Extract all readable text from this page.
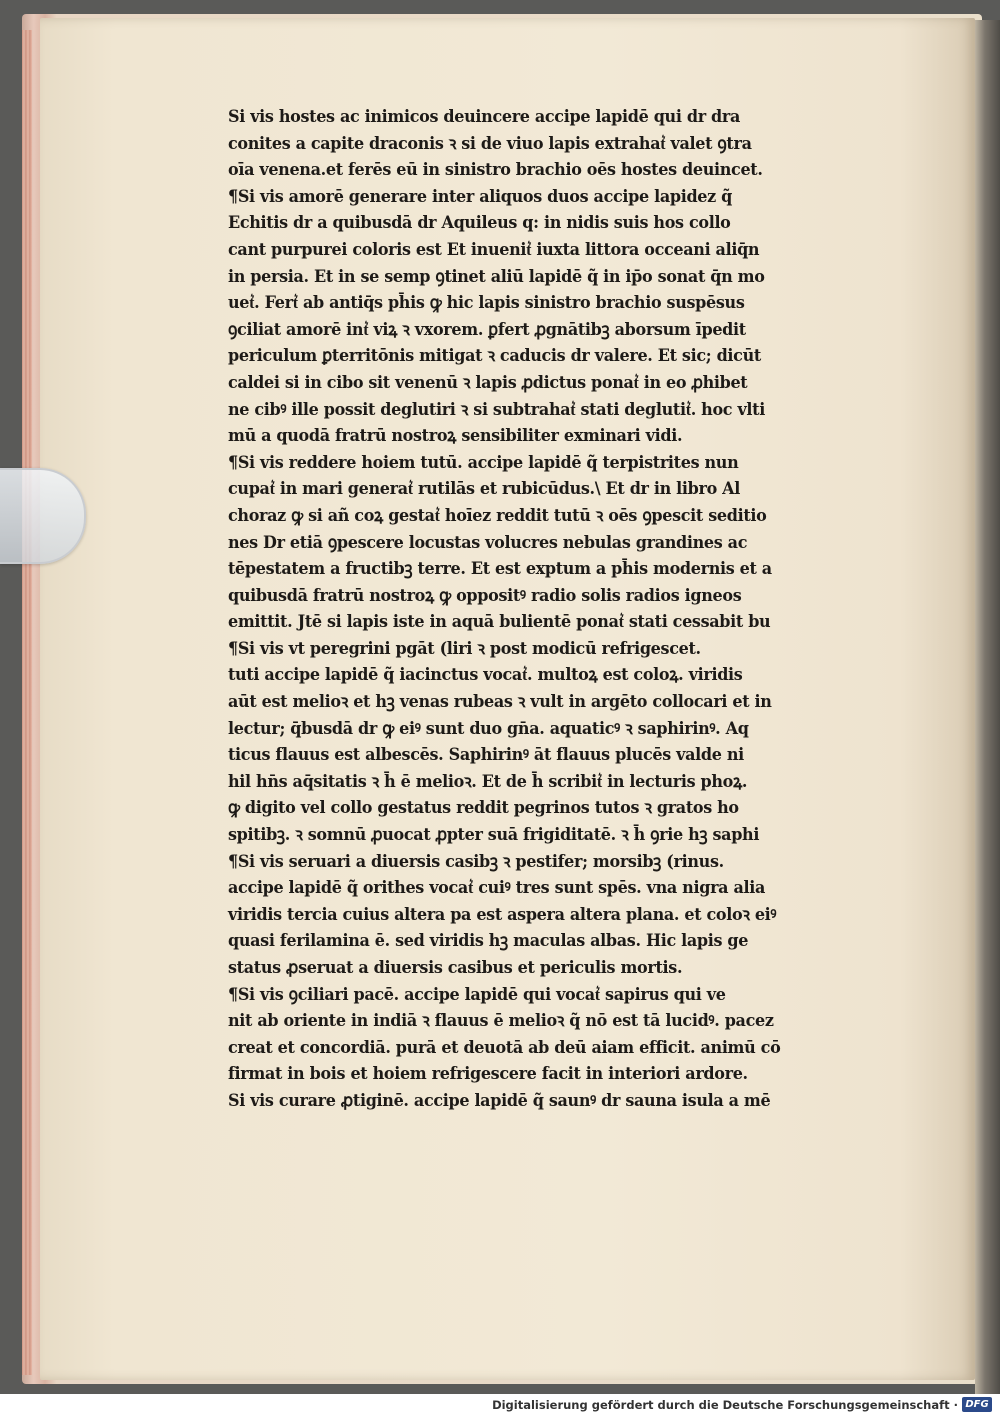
Si vis hostes ac inimicos deuincere accipe lapidē qui dr dra
conites a capite draconis ꝛ si de viuo lapis extrahat͛ valet ꝯtra
oīa venena.et ferēs eū in sinistro brachio oēs hostes deuincet.
¶Si vis amorē generare inter aliquos duos accipe lapidez q̃
Echitis dr a quibusdā dr Aquileus q: in nidis suis hos collo
cant purpurei coloris est Et inuenit͛ iuxta littora occeani aliq̄n
in persia. Et in se semp ꝯtinet aliū lapidē q̃ in ip̄o sonat q̄n mo
uet͛. Fert͛ ab antiq̄s ph̄is ꝙ hic lapis sinistro brachio suspēsus
ꝯciliat amorē int͛ viꝝ ꝛ vxorem. ꝑfert ꝓgnātibꝫ aborsum īpedit
periculum ꝑterritōnis mitigat ꝛ caducis dr valere. Et sic; dicūt
caldei si in cibo sit venenū ꝛ lapis ꝓdictus ponat͛ in eo ꝓhibet
ne cibꝰ ille possit deglutiri ꝛ si subtrahat͛ stati deglutit͛. hoc vlti
mū a quodā fratrū nostroꝝ sensibiliter exminari vidi.
¶Si vis reddere hoiem tutū. accipe lapidē q̃ terpistrites nun
cupat͛ in mari generat͛ rutilās et rubicūdus.\ Et dr in libro Al
choraz ꝙ si añ coꝝ gestat͛ hoīez reddit tutū ꝛ oēs ꝯpescit seditio
nes Dr etiā ꝯpescere locustas volucres nebulas grandines ac
tēpestatem a fructibꝫ terre. Et est exptum a ph̄is modernis et a
quibusdā fratrū nostroꝝ ꝙ oppositꝰ radio solis radios igneos
emittit. Jtē si lapis iste in aquā bulientē ponat͛ stati cessabit bu
¶Si vis vt peregrini pgāt (liri ꝛ post modicū refrigescet.
tuti accipe lapidē q̃ iacinctus vocat͛. multoꝝ est coloꝝ. viridis
aūt est melioꝛ et hꝫ venas rubeas ꝛ vult in argēto collocari et in
lectur; q̄busdā dr ꝙ eiꝰ sunt duo gn̄a. aquaticꝰ ꝛ saphirinꝰ. Aq
ticus flauus est albescēs. Saphirinꝰ āt flauus plucēs valde ni
hil hn̄s aq̄sitatis ꝛ h̄ ē melioꝛ. Et de h̄ scribit͛ in lecturis phoꝝ.
ꝙ digito vel collo gestatus reddit pegrinos tutos ꝛ gratos ho
spitibꝫ. ꝛ somnū ꝓuocat ꝓpter suā frigiditatē. ꝛ h̄ ꝯrie hꝫ saphi
¶Si vis seruari a diuersis casibꝫ ꝛ pestifer; morsibꝫ (rinus.
accipe lapidē q̃ orithes vocat͛ cuiꝰ tres sunt spēs. vna nigra alia
viridis tercia cuius altera pa est aspera altera plana. et coloꝛ eiꝰ
quasi ferilamina ē. sed viridis hꝫ maculas albas. Hic lapis ge
status ꝓseruat a diuersis casibus et periculis mortis.
¶Si vis ꝯciliari pacē. accipe lapidē qui vocat͛ sapirus qui ve
nit ab oriente in indiā ꝛ flauus ē melioꝛ q̃ nō est tā lucidꝰ. pacez
creat et concordiā. purā et deuotā ab deū aiam efficit. animū cō
firmat in bois et hoiem refrigescere facit in interiori ardore.
Si vis curare ꝓtiginē. accipe lapidē q̃ saunꝰ dr sauna isula a mē
Digitalisierung gefördert durch die Deutsche Forschungsgemeinschaft · DFG
